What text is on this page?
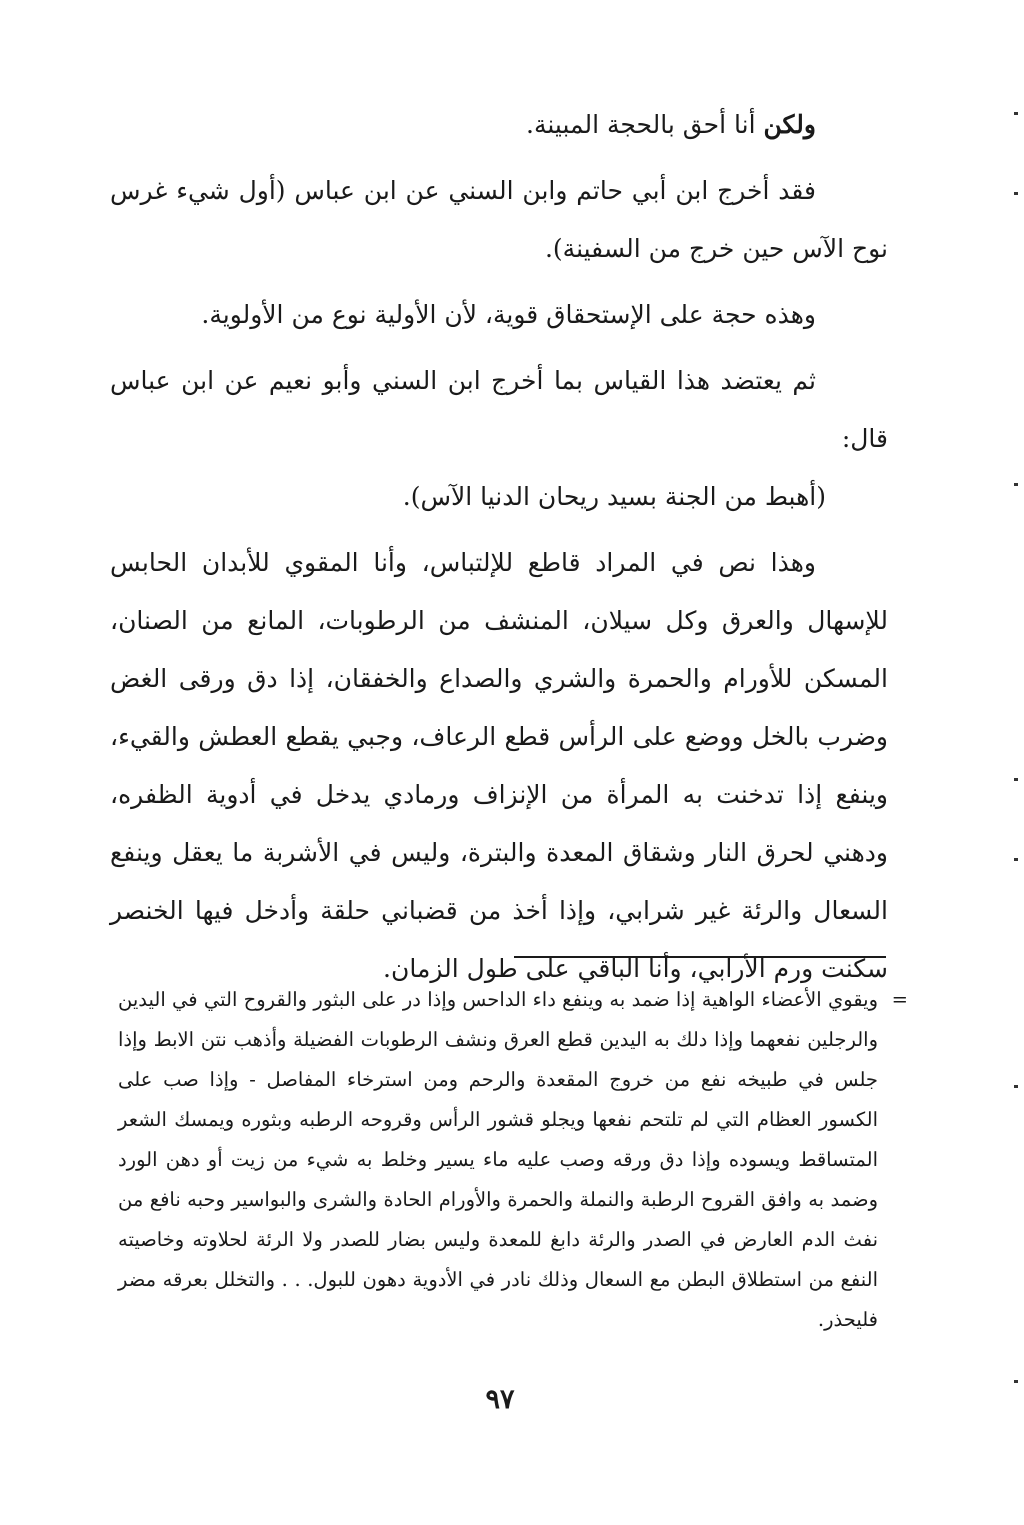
ولكن أنا أحق بالحجة المبينة.

فقد أخرج ابن أبي حاتم وابن السني عن ابن عباس (أول شيء غرس نوح الآس حين خرج من السفينة).

وهذه حجة على الإستحقاق قوية، لأن الأولية نوع من الأولوية.

ثم يعتضد هذا القياس بما أخرج ابن السني وأبو نعيم عن ابن عباس قال:

(أهبط من الجنة بسيد ريحان الدنيا الآس).

وهذا نص في المراد قاطع للإلتباس، وأنا المقوي للأبدان الحابس للإسهال والعرق وكل سيلان، المنشف من الرطوبات، المانع من الصنان، المسكن للأورام والحمرة والشري والصداع والخفقان، إذا دق ورقى الغض وضرب بالخل ووضع على الرأس قطع الرعاف، وجبي يقطع العطش والقيء، وينفع إذا تدخنت به المرأة من الإنزاف ورمادي يدخل في أدوية الظفره، ودهني لحرق النار وشقاق المعدة والبترة، وليس في الأشربة ما يعقل وينفع السعال والرئة غير شرابي، وإذا أخذ من قضباني حلقة وأدخل فيها الخنصر سكنت ورم الأرابي، وأنا الباقي على طول الزمان.

=
ويقوي الأعضاء الواهية إذا ضمد به وينفع داء الداحس وإذا در على البثور والقروح التي في اليدين والرجلين نفعهما وإذا دلك به اليدين قطع العرق ونشف الرطوبات الفضيلة وأذهب نتن الابط وإذا جلس في طبيخه نفع من خروج المقعدة والرحم ومن استرخاء المفاصل - وإذا صب على الكسور العظام التي لم تلتحم نفعها ويجلو قشور الرأس وقروحه الرطبه وبثوره ويمسك الشعر المتساقط ويسوده وإذا دق ورقه وصب عليه ماء يسير وخلط به شيء من زيت أو دهن الورد وضمد به وافق القروح الرطبة والنملة والحمرة والأورام الحادة والشرى والبواسير وحبه نافع من نفث الدم العارض في الصدر والرئة دابغ للمعدة وليس بضار للصدر ولا الرئة لحلاوته وخاصيته النفع من استطلاق البطن مع السعال وذلك نادر في الأدوية دهون للبول. . . والتخلل بعرقه مضر فليحذر.
٩٧
